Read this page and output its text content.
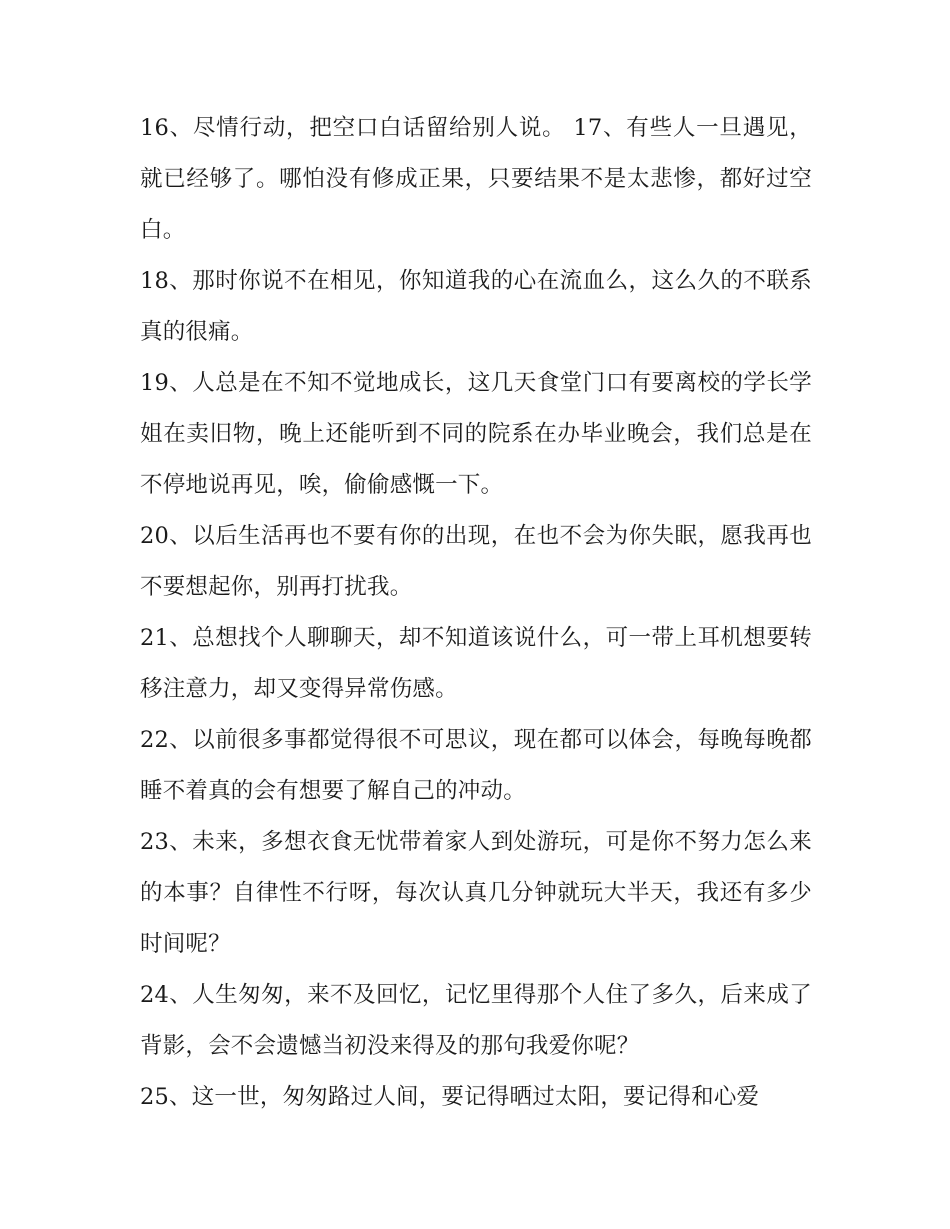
16、尽情行动，把空口白话留给别人说。 17、有些人一旦遇见，就已经够了。哪怕没有修成正果，只要结果不是太悲惨，都好过空白。

18、那时你说不在相见，你知道我的心在流血么，这么久的不联系真的很痛。

19、人总是在不知不觉地成长，这几天食堂门口有要离校的学长学姐在卖旧物，晚上还能听到不同的院系在办毕业晚会，我们总是在不停地说再见，唉，偷偷感慨一下。

20、以后生活再也不要有你的出现，在也不会为你失眠，愿我再也不要想起你，别再打扰我。

21、总想找个人聊聊天，却不知道该说什么，可一带上耳机想要转移注意力，却又变得异常伤感。

22、以前很多事都觉得很不可思议，现在都可以体会，每晚每晚都睡不着真的会有想要了解自己的冲动。

23、未来，多想衣食无忧带着家人到处游玩，可是你不努力怎么来的本事？自律性不行呀，每次认真几分钟就玩大半天，我还有多少时间呢？

24、人生匆匆，来不及回忆，记忆里得那个人住了多久，后来成了背影，会不会遗憾当初没来得及的那句我爱你呢？

25、这一世，匆匆路过人间，要记得晒过太阳，要记得和心爱
